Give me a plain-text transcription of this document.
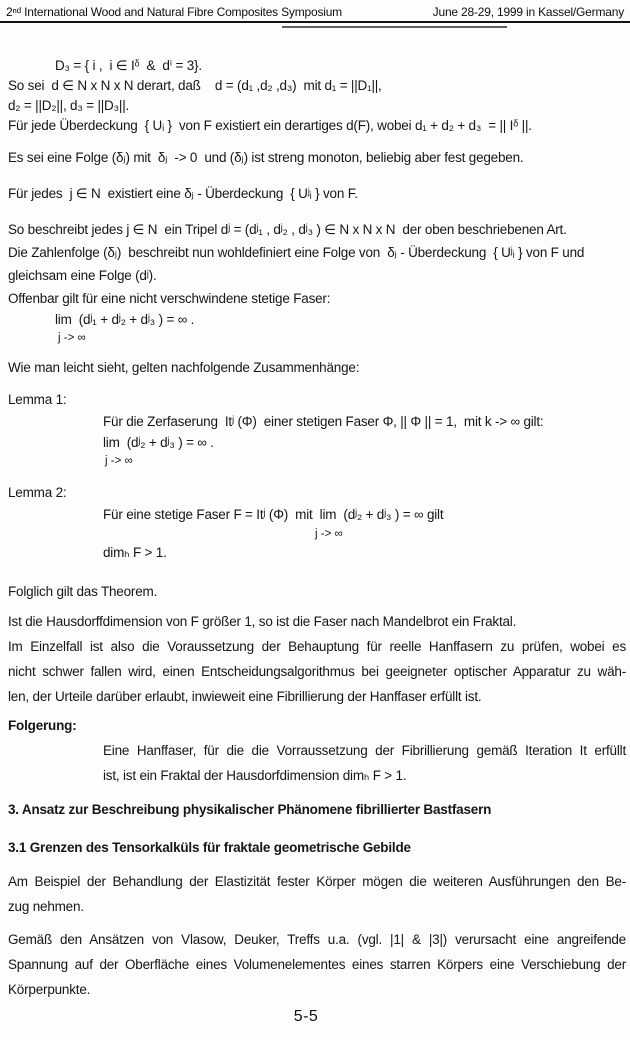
2ⁿᵈ International Wood and Natural Fibre Composites Symposium	June 28-29, 1999 in Kassel/Germany
D₃ = { i ,  i ∈ Iᵟ  &  dⁱ = 3}.
So sei  d ∈ N x N x N derart, daß    d = (d₁ ,d₂ ,d₃)  mit d₁ = ||D₁||,
d₂ = ||D₂||, d₃ = ||D₃||.
Für jede Überdeckung  { Uᵢ }  von F existiert ein derartiges d(F), wobei d₁ + d₂ + d₃  = || Iᵟ ||.
Es sei eine Folge (δⱼ) mit  δⱼ  -> 0  und (δⱼ) ist streng monoton, beliebig aber fest gegeben.
Für jedes  j ∈ N  existiert eine δⱼ - Überdeckung  { Uʲᵢ } von F.
So beschreibt jedes j ∈ N  ein Tripel dʲ = (dʲ₁ , dʲ₂ , dʲ₃ ) ∈ N x N x N  der oben beschriebenen Art.
Die Zahlenfolge (δⱼ)  beschreibt nun wohldefiniert eine Folge von  δⱼ - Überdeckung  { Uʲᵢ } von F und
gleichsam eine Folge (dʲ).
Offenbar gilt für eine nicht verschwindene stetige Faser:
lim  (dʲ₁ + dʲ₂ + dʲ₃ ) = ∞ .
j -> ∞
Wie man leicht sieht, gelten nachfolgende Zusammenhänge:
Lemma 1:
Für die Zerfaserung  Itʲ (Φ)  einer stetigen Faser Φ, || Φ || = 1,  mit k -> ∞ gilt:
lim  (dʲ₂ + dʲ₃ ) = ∞ .
j -> ∞
Lemma 2:
Für eine stetige Faser F = Itʲ (Φ)  mit  lim  (dʲ₂ + dʲ₃ ) = ∞ gilt
j -> ∞
dimₕ F > 1.
Folglich gilt das Theorem.
Ist die Hausdorffdimension von F größer 1, so ist die Faser nach Mandelbrot ein Fraktal.
Im Einzelfall ist also die Voraussetzung der Behauptung für reelle Hanffasern zu prüfen, wobei es
nicht schwer fallen wird, einen Entscheidungsalgorithmus bei geeigneter optischer Apparatur zu wäh-
len, der Urteile darüber erlaubt, inwieweit eine Fibrillierung der Hanffaser erfüllt ist.
Folgerung:
Eine Hanffaser, für die die Vorraussetzung der Fibrillierung gemäß Iteration It erfüllt
ist, ist ein Fraktal der Hausdorfdimension dimₕ F > 1.
3. Ansatz zur Beschreibung physikalischer Phänomene fibrillierter Bastfasern
3.1 Grenzen des Tensorkalküls für fraktale geometrische Gebilde
Am Beispiel der Behandlung der Elastizität fester Körper mögen die weiteren Ausführungen den Be-
zug nehmen.
Gemäß den Ansätzen von Vlasow, Deuker, Treffs u.a. (vgl. |1| & |3|) verursacht eine angreifende
Spannung auf der Oberfläche eines Volumenelementes eines starren Körpers eine Verschiebung der
Körperpunkte.
5-5
